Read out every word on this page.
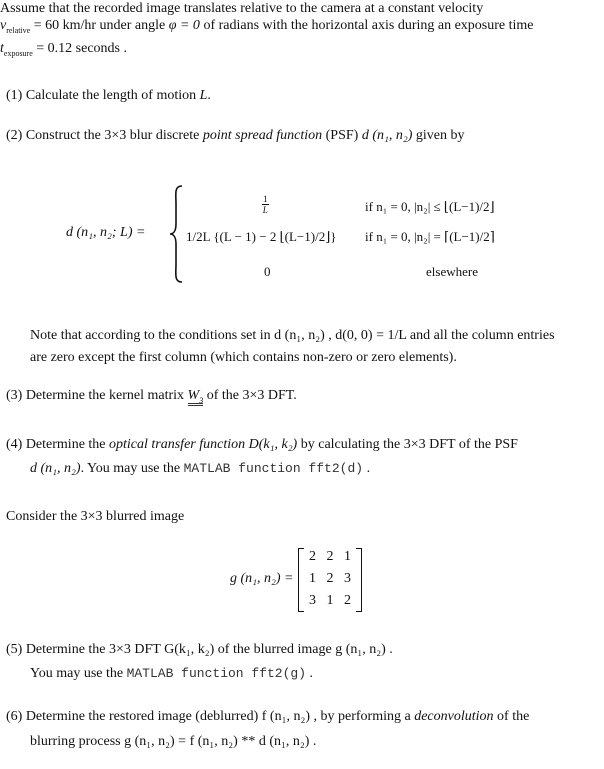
Assume that the recorded image translates relative to the camera at a constant velocity
$v_{relative} = 60$ km/hr under angle φ = 0 of radians with the horizontal axis during an exposure time
$t_{exposure} = 0.12$ seconds .
(1) Calculate the length of motion L.
(2) Construct the 3×3 blur discrete point spread function (PSF) d (n₁, n₂) given by
d (n₁, n₂; L) =
$\frac{1}{L}$	if n₁ = 0, |n₂| ≤ ⌊(L−1)/2⌋
1/2L {(L − 1) − 2 ⌊(L−1)/2⌋} if n₁ = 0, |n₂| = ⌈(L−1)/2⌉
0	elsewhere
Note that according to the conditions set in d (n₁, n₂) , d(0, 0) = 1/L and all the column entries
are zero except the first column (which contains non-zero or zero elements).
(3) Determine the kernel matrix $W_3$ of the 3×3 DFT.
(4) Determine the optical transfer function D(k₁, k₂) by calculating the 3×3 DFT of the PSF
d (n₁, n₂). You may use the MATLAB function fft2(d) .
Consider the 3×3 blurred image
g (n₁, n₂) =
2 2 1
1 2 3
3 1 2
(5) Determine the 3×3 DFT G(k₁, k₂) of the blurred image g (n₁, n₂) .
You may use the MATLAB function fft2(g) .
(6) Determine the restored image (deblurred) f (n₁, n₂) , by performing a deconvolution of the
blurring process g (n₁, n₂) = f (n₁, n₂) ** d (n₁, n₂) .
